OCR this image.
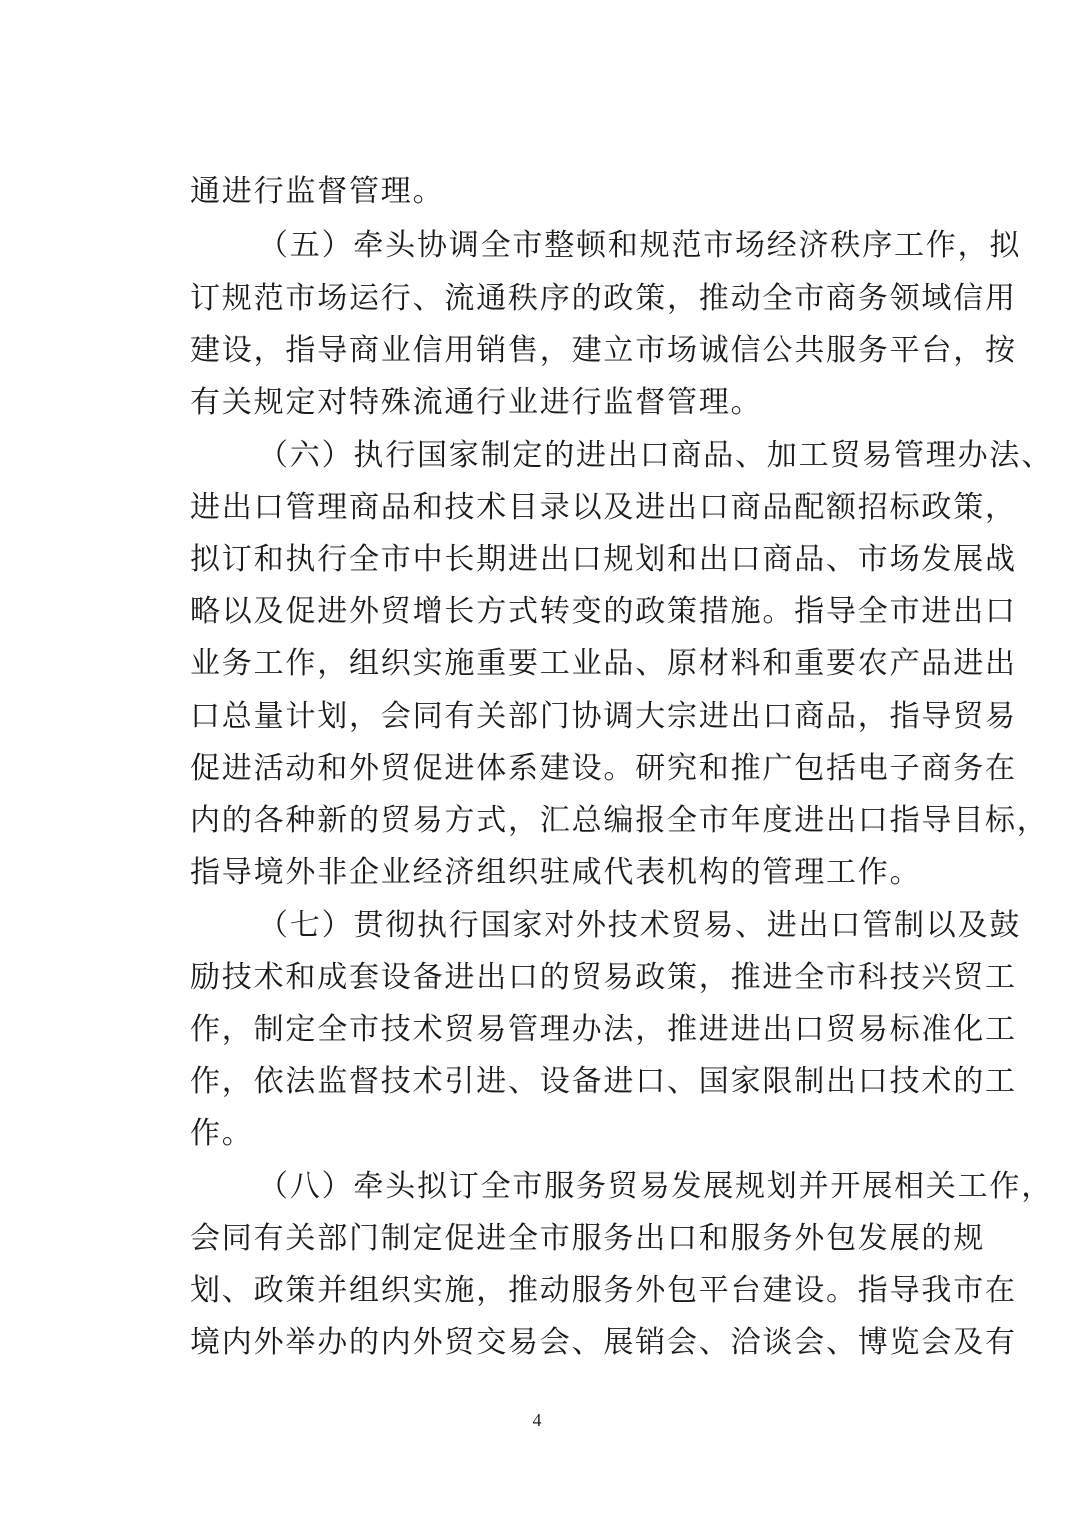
通进行监督管理。
（五）牵头协调全市整顿和规范市场经济秩序工作，拟
订规范市场运行、流通秩序的政策，推动全市商务领域信用
建设，指导商业信用销售，建立市场诚信公共服务平台，按
有关规定对特殊流通行业进行监督管理。
（六）执行国家制定的进出口商品、加工贸易管理办法、
进出口管理商品和技术目录以及进出口商品配额招标政策，
拟订和执行全市中长期进出口规划和出口商品、市场发展战
略以及促进外贸增长方式转变的政策措施。指导全市进出口
业务工作，组织实施重要工业品、原材料和重要农产品进出
口总量计划，会同有关部门协调大宗进出口商品，指导贸易
促进活动和外贸促进体系建设。研究和推广包括电子商务在
内的各种新的贸易方式，汇总编报全市年度进出口指导目标，
指导境外非企业经济组织驻咸代表机构的管理工作。
（七）贯彻执行国家对外技术贸易、进出口管制以及鼓
励技术和成套设备进出口的贸易政策，推进全市科技兴贸工
作，制定全市技术贸易管理办法，推进进出口贸易标准化工
作，依法监督技术引进、设备进口、国家限制出口技术的工
作。
（八）牵头拟订全市服务贸易发展规划并开展相关工作，
会同有关部门制定促进全市服务出口和服务外包发展的规
划、政策并组织实施，推动服务外包平台建设。指导我市在
境内外举办的内外贸交易会、展销会、洽谈会、博览会及有
4
